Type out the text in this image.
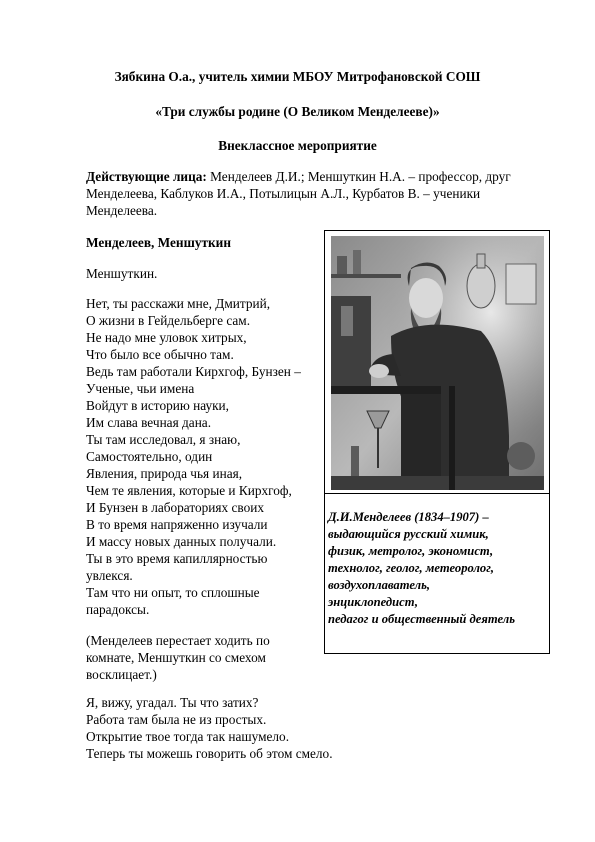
Зябкина О.а., учитель химии МБОУ Митрофановской СОШ
«Три службы родине (О Великом Менделееве)»
Внеклассное мероприятие
Действующие лица: Менделеев Д.И.; Меншуткин Н.А. – профессор, друг Менделеева, Каблуков И.А., Потылицын А.Л., Курбатов В. – ученики Менделеева.
Менделеев, Меншуткин
Меншуткин.
Нет, ты расскажи мне, Дмитрий,
О жизни в Гейдельберге сам.
Не надо мне уловок хитрых,
Что было все обычно там.
Ведь там работали Кирхгоф, Бунзен –
Ученые, чьи имена
Войдут в историю науки,
Им слава вечная дана.
Ты там исследовал, я знаю,
Самостоятельно, один
Явления, природа чья иная,
Чем те явления, которые и Кирхгоф,
И Бунзен в лабораториях своих
В то время напряженно изучали
И массу новых данных получали.
Ты в это время капиллярностью
увлекся.
Там что ни опыт, то сплошные
парадоксы.
(Менделеев перестает ходить по комнате, Меншуткин со смехом восклицает.)
Я, вижу, угадал. Ты что затих?
Работа там была не из простых.
Открытие твое тогда так нашумело.
Теперь ты можешь говорить об этом смело.
Д.И.Менделеев (1834–1907) –
выдающийся русский химик,
физик, метролог, экономист,
технолог, геолог, метеоролог,
воздухоплаватель,
энциклопедист,
педагог и общественный деятель
